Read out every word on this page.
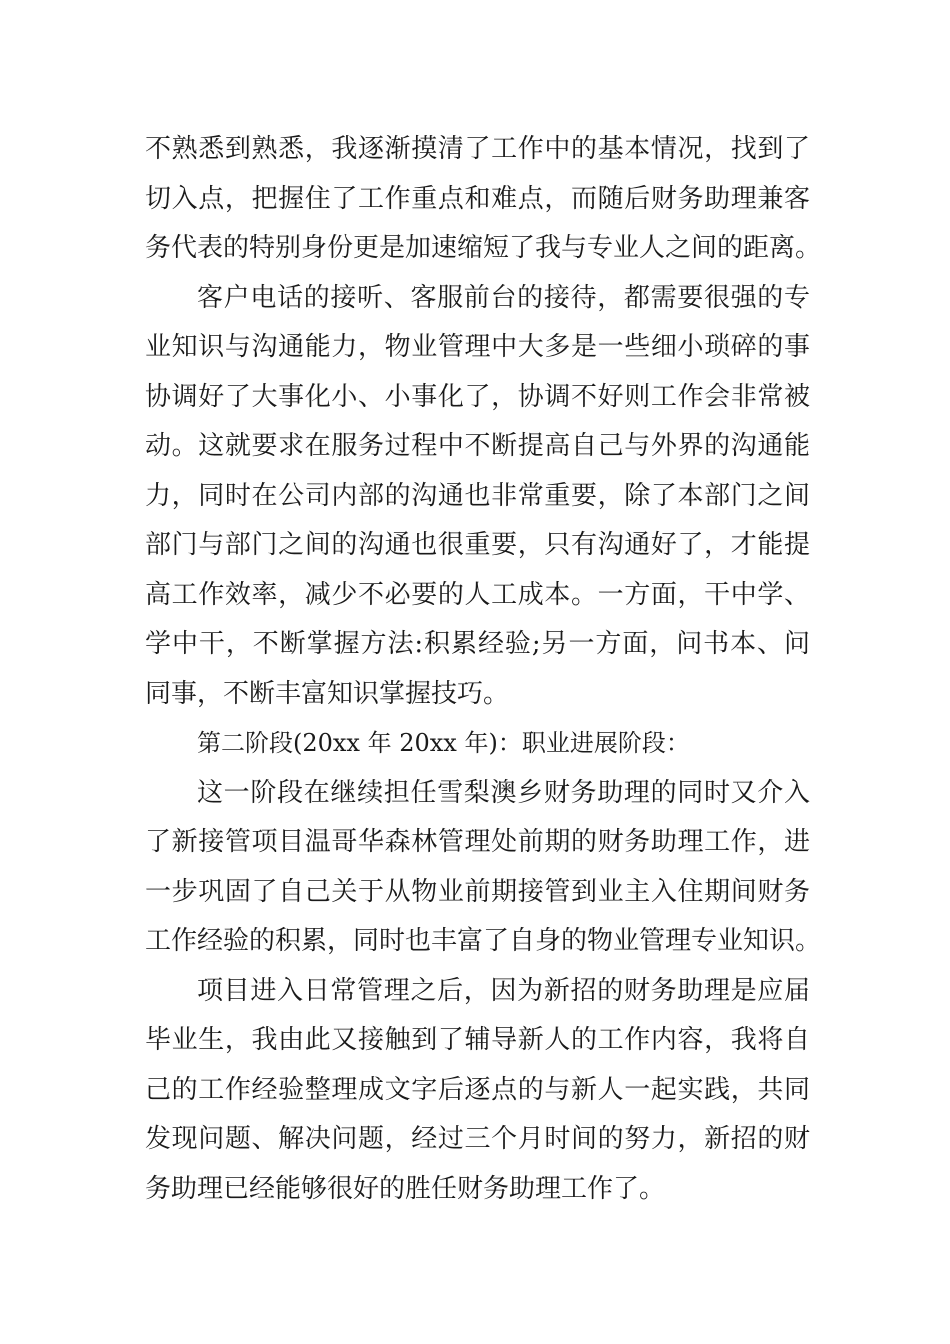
不熟悉到熟悉，我逐渐摸清了工作中的基本情况，找到了
切入点，把握住了工作重点和难点，而随后财务助理兼客
务代表的特别身份更是加速缩短了我与专业人之间的距离。
客户电话的接听、客服前台的接待，都需要很强的专
业知识与沟通能力，物业管理中大多是一些细小琐碎的事
协调好了大事化小、小事化了，协调不好则工作会非常被
动。这就要求在服务过程中不断提高自己与外界的沟通能
力，同时在公司内部的沟通也非常重要，除了本部门之间
部门与部门之间的沟通也很重要，只有沟通好了，才能提
高工作效率，减少不必要的人工成本。一方面，干中学、
学中干，不断掌握方法:积累经验;另一方面，问书本、问
同事，不断丰富知识掌握技巧。
第二阶段(20xx 年 20xx 年)：职业进展阶段：
这一阶段在继续担任雪梨澳乡财务助理的同时又介入
了新接管项目温哥华森林管理处前期的财务助理工作，进
一步巩固了自己关于从物业前期接管到业主入住期间财务
工作经验的积累，同时也丰富了自身的物业管理专业知识。
项目进入日常管理之后，因为新招的财务助理是应届
毕业生，我由此又接触到了辅导新人的工作内容，我将自
己的工作经验整理成文字后逐点的与新人一起实践，共同
发现问题、解决问题，经过三个月时间的努力，新招的财
务助理已经能够很好的胜任财务助理工作了。
